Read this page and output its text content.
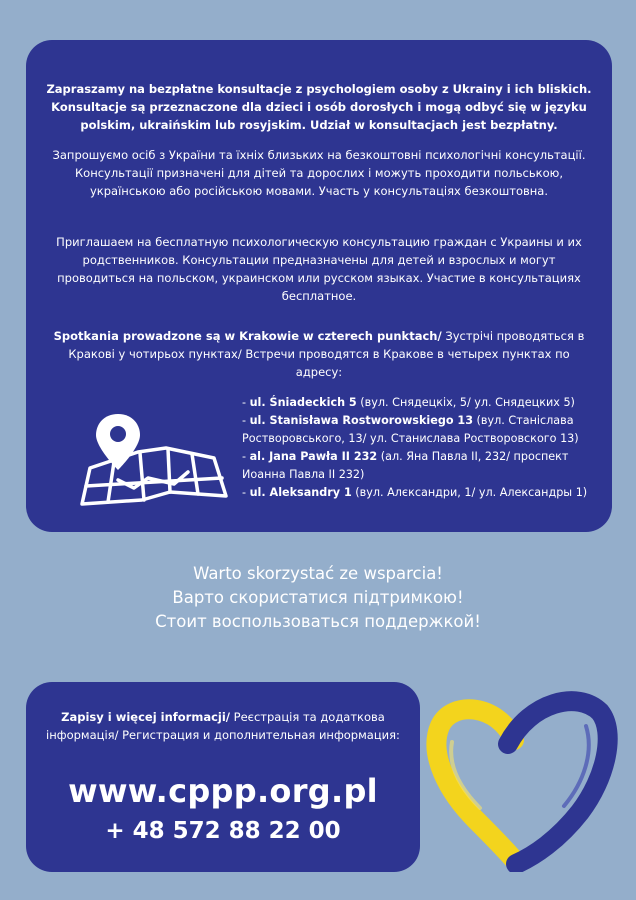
Zapraszamy na bezpłatne konsultacje z psychologiem osoby z Ukrainy i ich bliskich. Konsultacje są przeznaczone dla dzieci i osób dorosłych i mogą odbyć się w języku polskim, ukraińskim lub rosyjskim. Udział w konsultacjach jest bezpłatny.

Запрошуємо осіб з України та їхніх близьких на безкоштовні психологічні консультації. Консультації призначені для дітей та дорослих і можуть проходити польською, українською або російською мовами. Участь у консультаціях безкоштовна.

Приглашаем на бесплатную психологическую консультацию граждан с Украины и их родственников. Консультации предназначены для детей и взрослых и могут проводиться на польском, украинском или русском языках. Участие в консультациях бесплатное.

Spotkania prowadzone są w Krakowie w czterech punktach/ Зустрічі проводяться в Кракові у чотирьох пунктах/ Встречи проводятся в Кракове в четырех пунктах по адресу:

- ul. Śniadeckich 5 (вул. Снядецкіх, 5/ ул. Снядецких 5)
- ul. Stanisława Rostworowskiego 13 (вул. Станіслава Ростворовського, 13/ ул. Станислава Ростворовского 13)
- al. Jana Pawła II 232 (ал. Яна Павла II, 232/ проспект Иоанна Павла II 232)
- ul. Aleksandry 1 (вул. Алєксандри, 1/ ул. Александры 1)
Warto skorzystać ze wsparcia!
Варто скористатися підтримкою!
Стоит воспользоваться поддержкой!

Zapisy i więcej informacji/ Реєстрація та додаткова інформація/ Регистрация и дополнительная информация:

www.cppp.org.pl
+ 48 572 88 22 00
